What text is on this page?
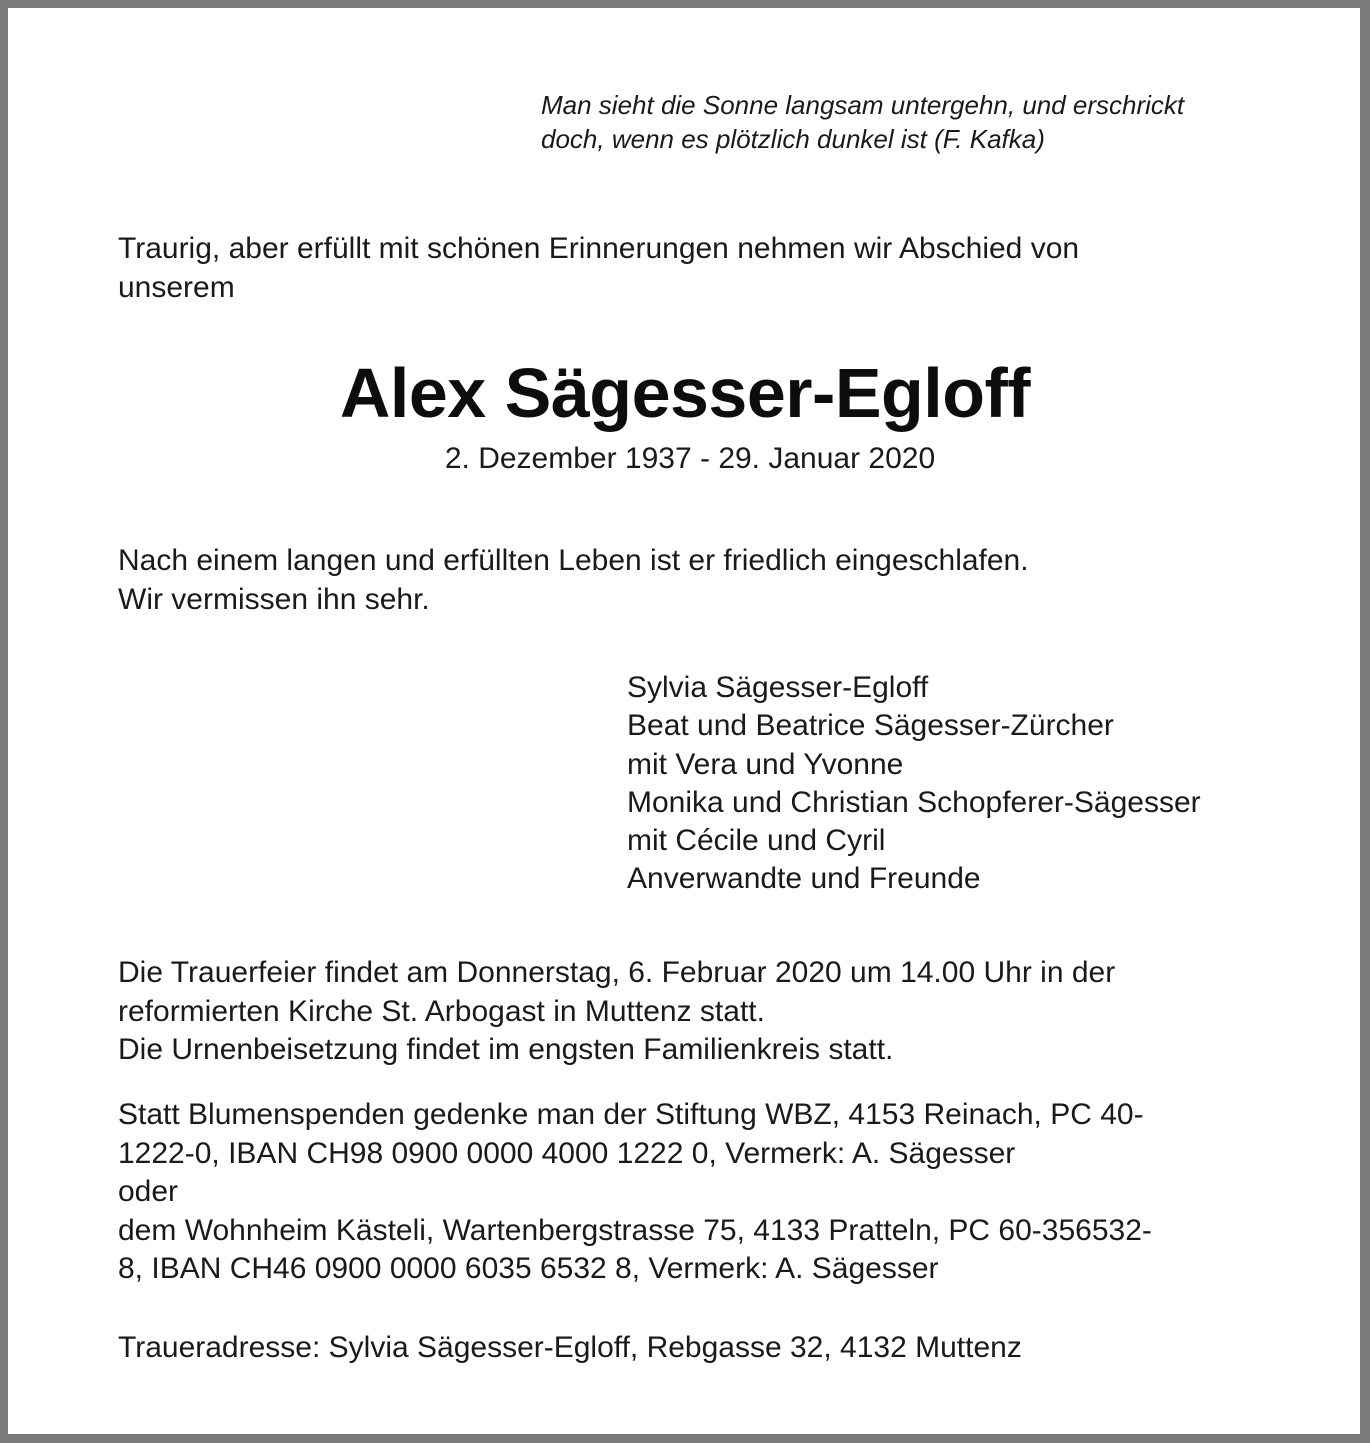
Man sieht die Sonne langsam untergehn, und erschrickt
doch, wenn es plötzlich dunkel ist (F. Kafka)
Traurig, aber erfüllt mit schönen Erinnerungen nehmen wir Abschied von
unserem
Nach einem langen und erfüllten Leben ist er friedlich eingeschlafen.
Wir vermissen ihn sehr.
Sylvia Sägesser-Egloff
Beat und Beatrice Sägesser-Zürcher
mit Vera und Yvonne
Monika und Christian Schopferer-Sägesser
mit Cécile und Cyril
Anverwandte und Freunde
Die Trauerfeier findet am Donnerstag, 6. Februar 2020 um 14.00 Uhr in der
reformierten Kirche St. Arbogast in Muttenz statt.
Die Urnenbeisetzung findet im engsten Familienkreis statt.
Statt Blumenspenden gedenke man der Stiftung WBZ, 4153 Reinach, PC 40-
1222-0, IBAN CH98 0900 0000 4000 1222 0, Vermerk: A. Sägesser
oder
dem Wohnheim Kästeli, Wartenbergstrasse 75, 4133 Pratteln, PC 60-356532-
8, IBAN CH46 0900 0000 6035 6532 8, Vermerk: A. Sägesser
Traueradresse: Sylvia Sägesser-Egloff, Rebgasse 32, 4132 Muttenz
Alex Sägesser-Egloff
2. Dezember 1937 - 29. Januar 2020
